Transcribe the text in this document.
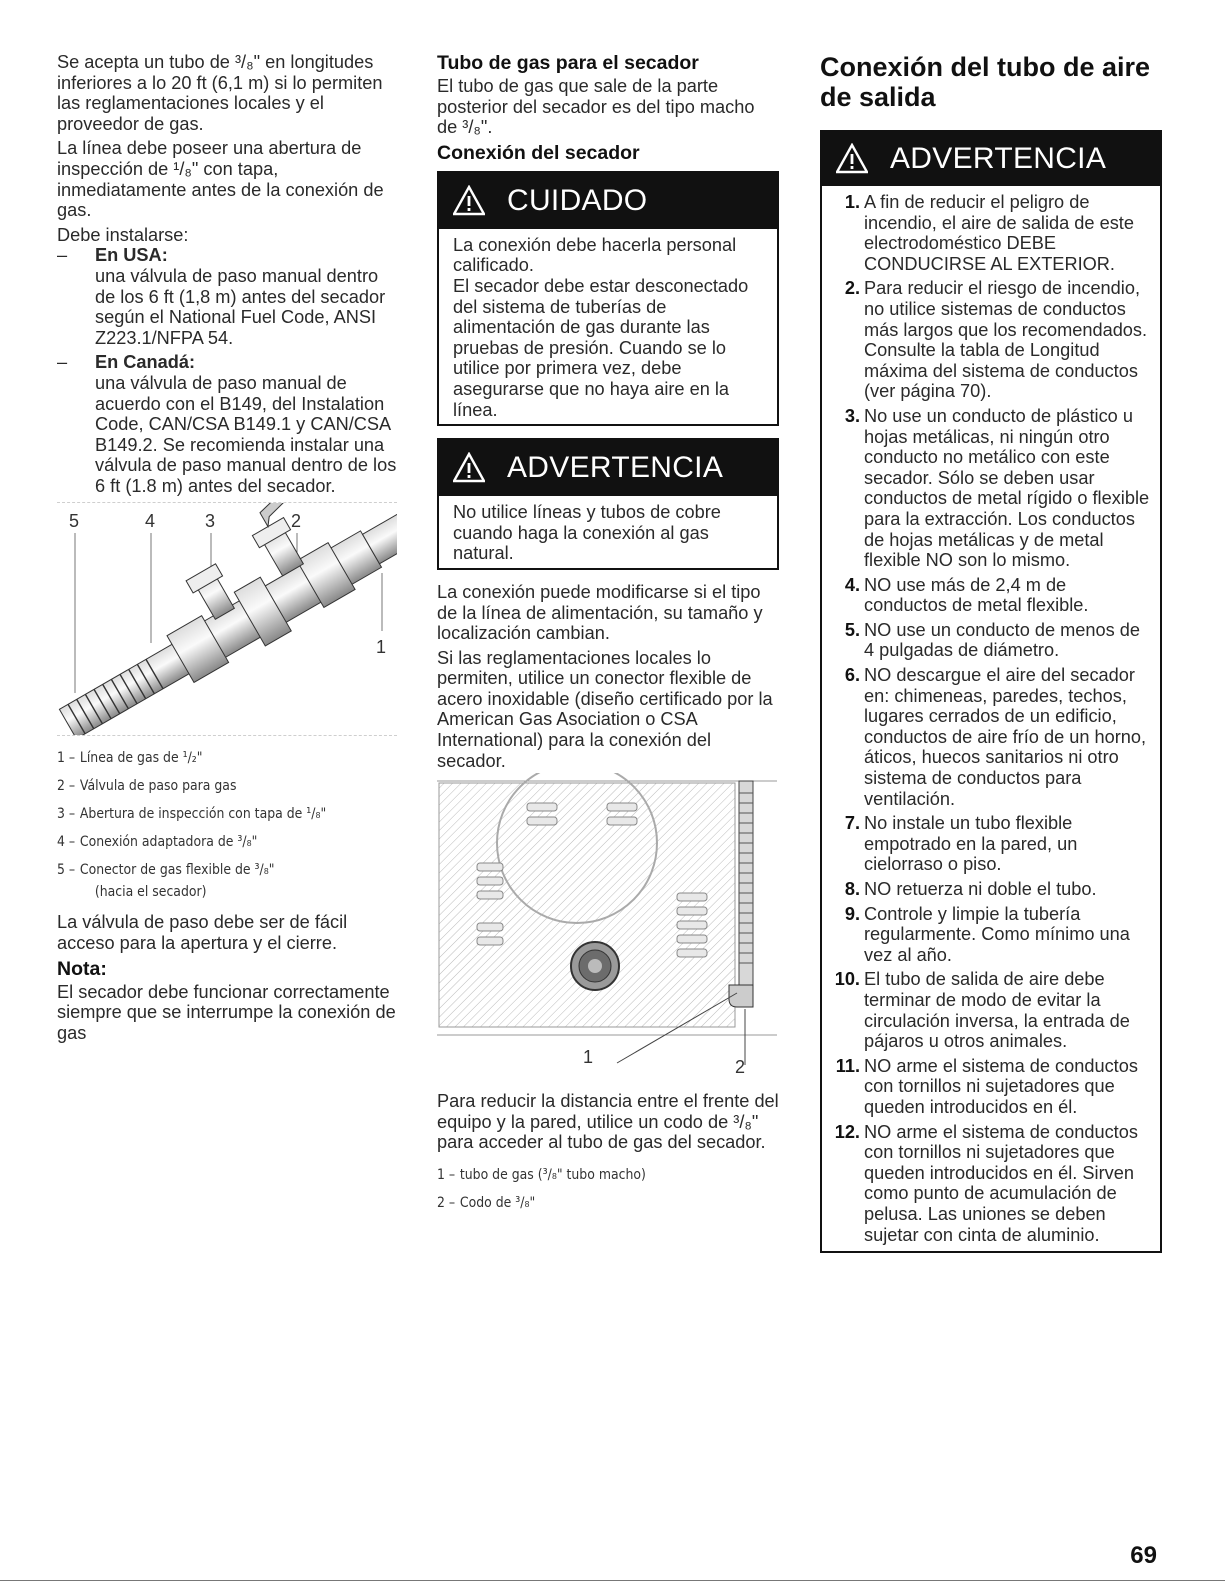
Se acepta un tubo de ³/₈" en longitudes inferiores a lo 20 ft (6,1 m) si lo permiten las reglamentaciones locales y el proveedor de gas.

La línea debe poseer una abertura de inspección de ¹/₈" con tapa, inmediatamente antes de la conexión de gas.

Debe instalarse:

– En USA:
una válvula de paso manual dentro de los 6 ft (1,8 m) antes del secador según el National Fuel Code, ANSI Z223.1/NFPA 54.
– En Canadá:
una válvula de paso manual de acuerdo con el B149, del Instalation Code, CAN/CSA B149.1 y CAN/CSA B149.2. Se recomienda instalar una válvula de paso manual dentro de los 6 ft (1.8 m) antes del secador.
5	4	3	2
1
1 – Línea de gas de ¹/₂"
2 – Válvula de paso para gas
3 – Abertura de inspección con tapa de ¹/₈"
4 – Conexión adaptadora de ³/₈"
5 – Conector de gas flexible de ³/₈"
(hacia el secador)

La válvula de paso debe ser de fácil acceso para la apertura y el cierre.

Nota:

El secador debe funcionar correctamente siempre que se interrumpe la conexión de gas

Tubo de gas para el secador

El tubo de gas que sale de la parte posterior del secador es del tipo macho de ³/₈".

Conexión del secador

CUIDADO

La conexión debe hacerla personal calificado.

El secador debe estar desconectado del sistema de tuberías de alimentación de gas durante las pruebas de presión. Cuando se lo utilice por primera vez, debe asegurarse que no haya aire en la línea.

ADVERTENCIA

No utilice líneas y tubos de cobre cuando haga la conexión al gas natural.

La conexión puede modificarse si el tipo de la línea de alimentación, su tamaño y localización cambian.

Si las reglamentaciones locales lo permiten, utilice un conector flexible de acero inoxidable (diseño certificado por la American Gas Asociation o CSA International) para la conexión del secador.

1	2

Para reducir la distancia entre el frente del equipo y la pared, utilice un codo de ³/₈" para acceder al tubo de gas del secador.

1 – tubo de gas (³/₈" tubo macho)
2 – Codo de ³/₈"

Conexión del tubo de aire de salida

ADVERTENCIA
1. A fin de reducir el peligro de incendio, el aire de salida de este electrodoméstico DEBE CONDUCIRSE AL EXTERIOR.
2. Para reducir el riesgo de incendio, no utilice sistemas de conductos más largos que los recomendados. Consulte la tabla de Longitud máxima del sistema de conductos (ver página 70).
3. No use un conducto de plástico u hojas metálicas, ni ningún otro conducto no metálico con este secador. Sólo se deben usar conductos de metal rígido o flexible para la extracción. Los conductos de hojas metálicas y de metal flexible NO son lo mismo.
4. NO use más de 2,4 m de conductos de metal flexible.
5. NO use un conducto de menos de 4 pulgadas de diámetro.
6. NO descargue el aire del secador en: chimeneas, paredes, techos, lugares cerrados de un edificio, conductos de aire frío de un horno, áticos, huecos sanitarios ni otro sistema de conductos para ventilación.
7. No instale un tubo flexible empotrado en la pared, un cielorraso o piso.
8. NO retuerza ni doble el tubo.
9. Controle y limpie la tubería regularmente. Como mínimo una vez al año.
10. El tubo de salida de aire debe terminar de modo de evitar la circulación inversa, la entrada de pájaros u otros animales.
11. NO arme el sistema de conductos con tornillos ni sujetadores que queden introducidos en él.
12. NO arme el sistema de conductos con tornillos ni sujetadores que queden introducidos en él. Sirven como punto de acumulación de pelusa. Las uniones se deben sujetar con cinta de aluminio.
69
